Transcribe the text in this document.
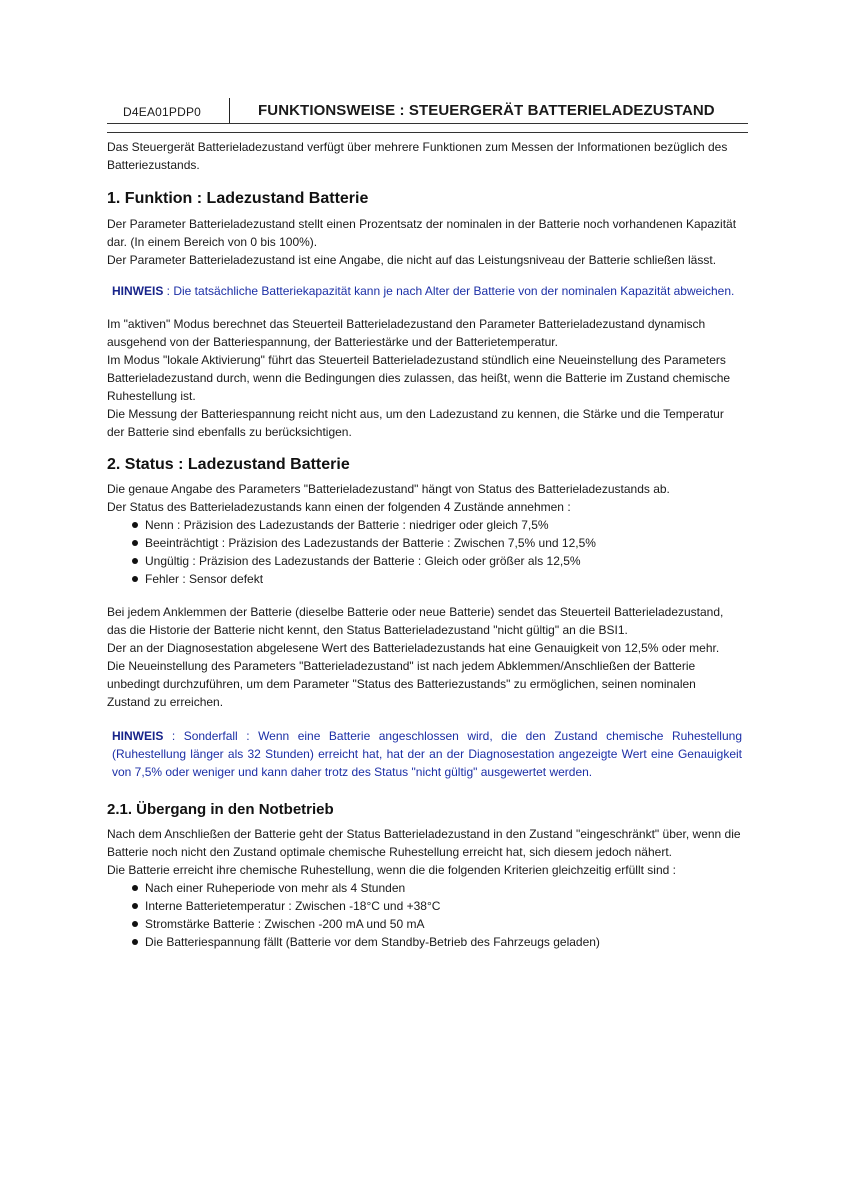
D4EA01PDP0	FUNKTIONSWEISE : STEUERGERÄT BATTERIELADEZUSTAND

Das Steuergerät Batterieladezustand verfügt über mehrere Funktionen zum Messen der Informationen bezüglich des Batteriezustands.

1. Funktion : Ladezustand Batterie

Der Parameter Batterieladezustand stellt einen Prozentsatz der nominalen in der Batterie noch vorhandenen Kapazität dar. (In einem Bereich von 0 bis 100%).

Der Parameter Batterieladezustand ist eine Angabe, die nicht auf das Leistungsniveau der Batterie schließen lässt.

HINWEIS : Die tatsächliche Batteriekapazität kann je nach Alter der Batterie von der nominalen Kapazität abweichen.

Im "aktiven" Modus berechnet das Steuerteil Batterieladezustand den Parameter Batterieladezustand dynamisch ausgehend von der Batteriespannung, der Batteriestärke und der Batterietemperatur.

Im Modus "lokale Aktivierung" führt das Steuerteil Batterieladezustand stündlich eine Neueinstellung des Parameters Batterieladezustand durch, wenn die Bedingungen dies zulassen, das heißt, wenn die Batterie im Zustand chemische Ruhestellung ist.

Die Messung der Batteriespannung reicht nicht aus, um den Ladezustand zu kennen, die Stärke und die Temperatur der Batterie sind ebenfalls zu berücksichtigen.

2. Status : Ladezustand Batterie

Die genaue Angabe des Parameters "Batterieladezustand" hängt von Status des Batterieladezustands ab.

Der Status des Batterieladezustands kann einen der folgenden 4 Zustände annehmen :

Nenn : Präzision des Ladezustands der Batterie : niedriger oder gleich 7,5%
Beeinträchtigt : Präzision des Ladezustands der Batterie : Zwischen 7,5% und 12,5%
Ungültig : Präzision des Ladezustands der Batterie : Gleich oder größer als 12,5%
Fehler : Sensor defekt

Bei jedem Anklemmen der Batterie (dieselbe Batterie oder neue Batterie) sendet das Steuerteil Batterieladezustand, das die Historie der Batterie nicht kennt, den Status Batterieladezustand "nicht gültig" an die BSI1.

Der an der Diagnosestation abgelesene Wert des Batterieladezustands hat eine Genauigkeit von 12,5% oder mehr.

Die Neueinstellung des Parameters "Batterieladezustand" ist nach jedem Abklemmen/Anschließen der Batterie unbedingt durchzuführen, um dem Parameter "Status des Batteriezustands" zu ermöglichen, seinen nominalen Zustand zu erreichen.

HINWEIS : Sonderfall : Wenn eine Batterie angeschlossen wird, die den Zustand chemische Ruhestellung (Ruhestellung länger als 32 Stunden) erreicht hat, hat der an der Diagnosestation angezeigte Wert eine Genauigkeit von 7,5% oder weniger und kann daher trotz des Status "nicht gültig" ausgewertet werden.

2.1. Übergang in den Notbetrieb

Nach dem Anschließen der Batterie geht der Status Batterieladezustand in den Zustand "eingeschränkt" über, wenn die Batterie noch nicht den Zustand optimale chemische Ruhestellung erreicht hat, sich diesem jedoch nähert.

Die Batterie erreicht ihre chemische Ruhestellung, wenn die die folgenden Kriterien gleichzeitig erfüllt sind :

Nach einer Ruheperiode von mehr als 4 Stunden
Interne Batterietemperatur : Zwischen -18°C und +38°C
Stromstärke Batterie : Zwischen -200 mA und 50 mA
Die Batteriespannung fällt (Batterie vor dem Standby-Betrieb des Fahrzeugs geladen)
